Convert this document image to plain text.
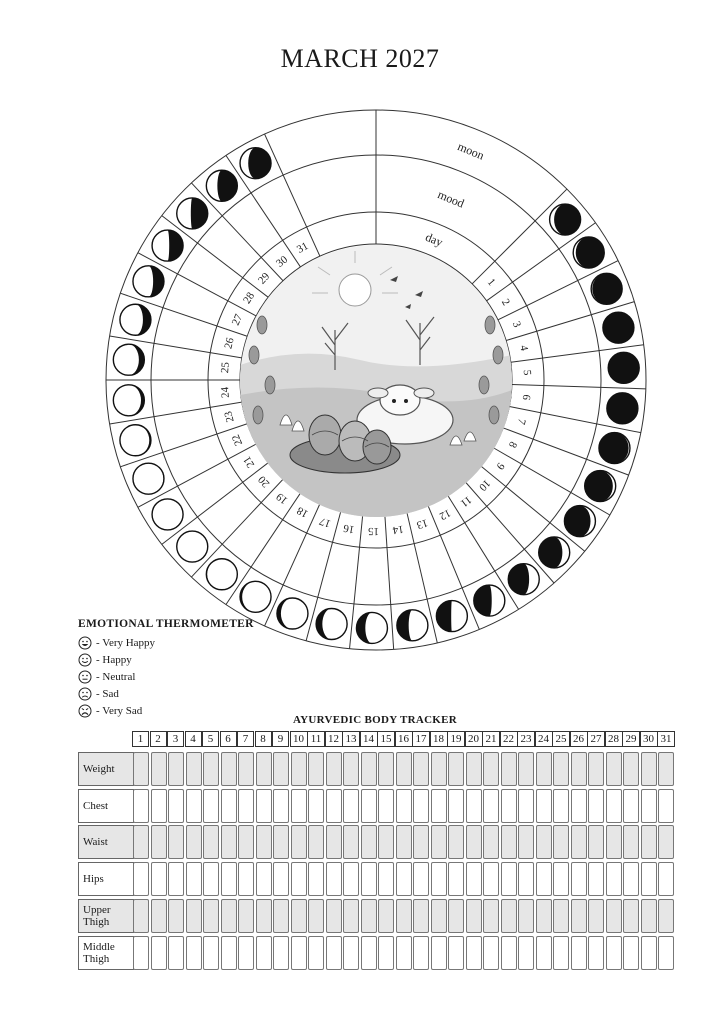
MARCH 2027
moon
mood
day
1
2
3
4
5
6
7
8
9
10
11
12
13
14
15
16
17
18
19
20
21
22
23
24
25
26
27
28
29
30
31
EMOTIONAL THERMOMETER
- Very Happy
- Happy
- Neutral
- Sad
- Very Sad
AYURVEDIC BODY TRACKER
1	2	3	4	5	6	7	8	9 10 11 12 13 14 15 16 17 18 19 20 21 22 23 24 25 26 27 28 29 30 31
Weight
Chest
Waist
Hips
Upper Thigh
Middle Thigh
